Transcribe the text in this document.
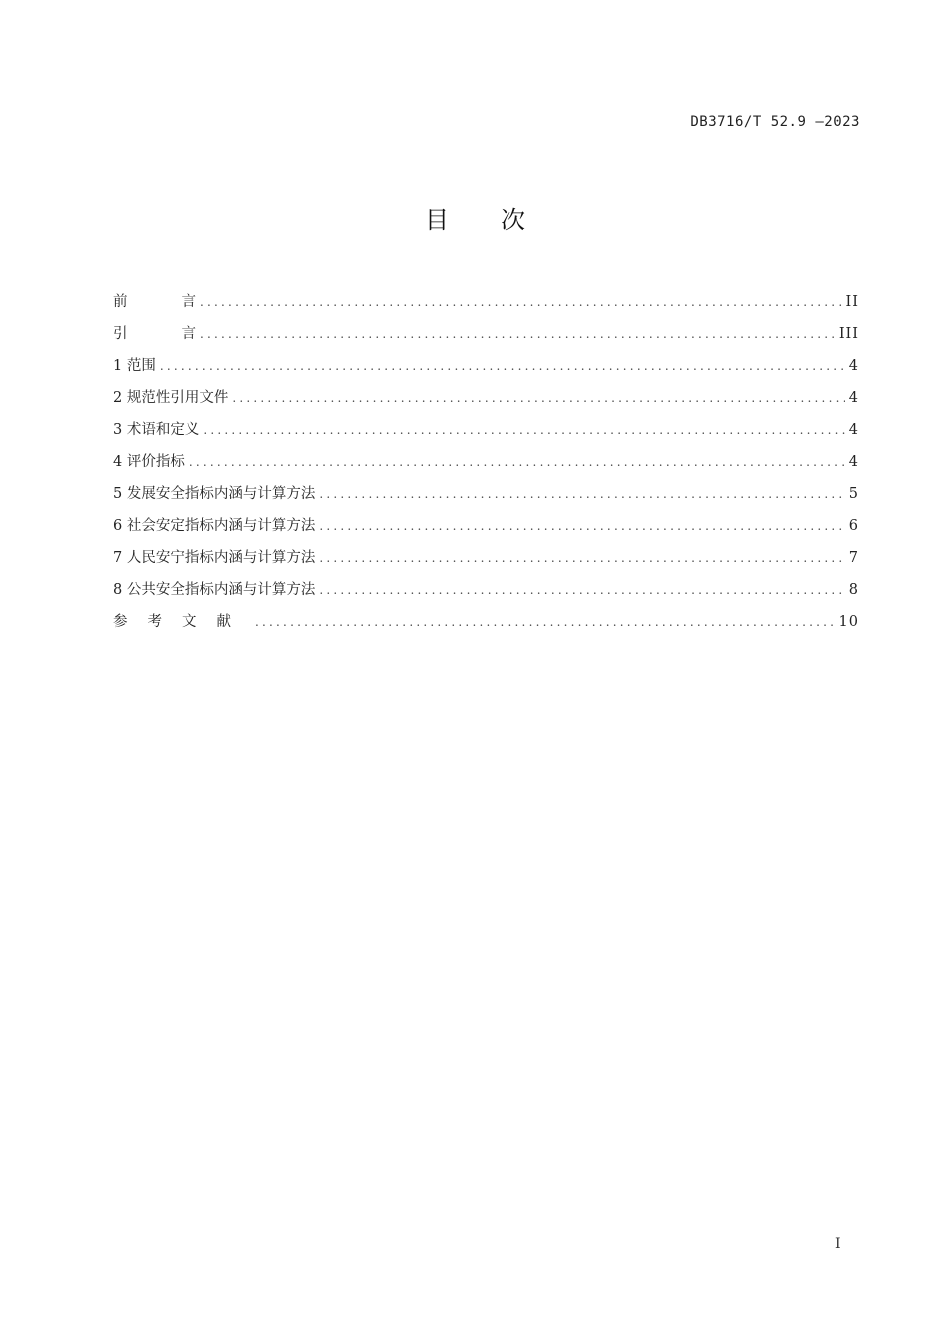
DB3716/T 52.9 —2023
目次
前言 .....	II
引言 .....	III
1 范围 .....	4
2 规范性引用文件 .....	4
3 术语和定义 .....	4
4 评价指标 .....	4
5 发展安全指标内涵与计算方法 .....	5
6 社会安定指标内涵与计算方法 .....	6
7 人民安宁指标内涵与计算方法 .....	7
8 公共安全指标内涵与计算方法 .....	8
参考文献 .....	10
I
